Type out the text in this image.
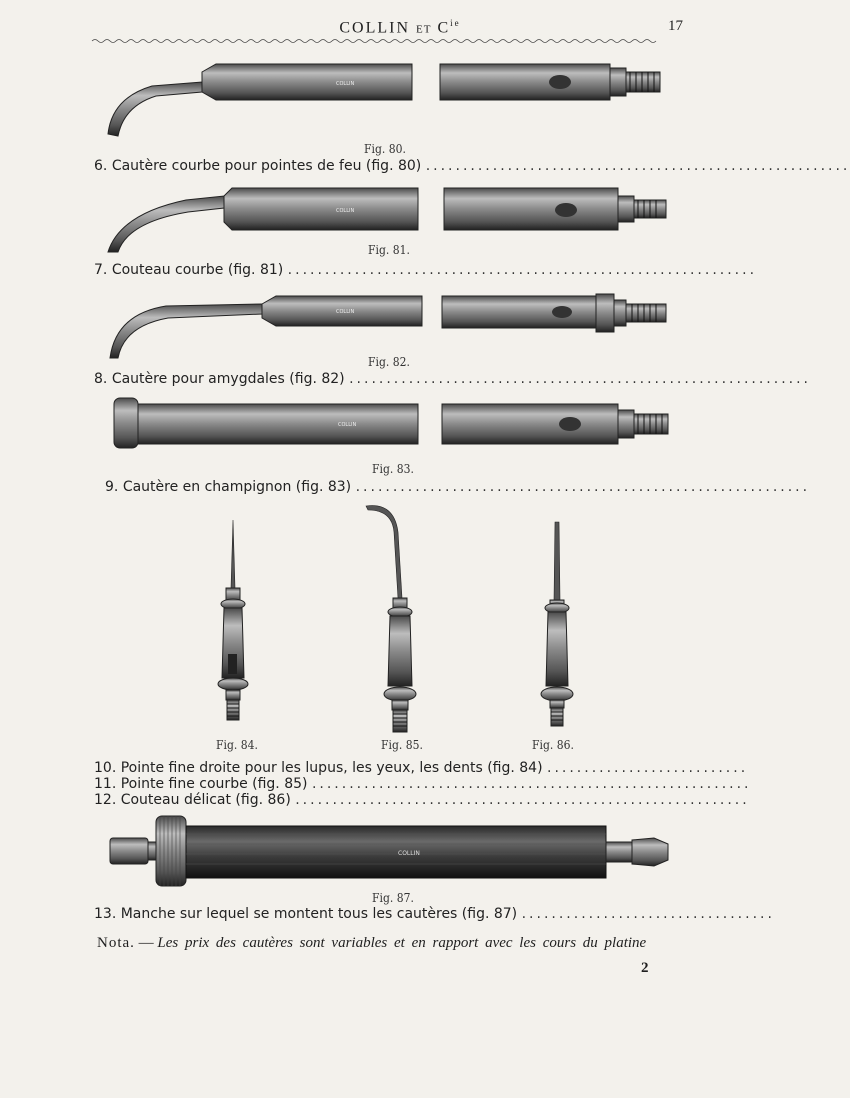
COLLIN ET $C^{ie}$	17
COLLIN
Fig. 80.
6. Cautère courbe pour pointes de feu (fig. 80) .........................................................
COLLIN
Fig. 81.
7. Couteau courbe (fig. 81) ...............................................................
COLLIN
Fig. 82.
8. Cautère pour amygdales (fig. 82) ..............................................................
COLLIN
Fig. 83.
9. Cautère en champignon (fig. 83) .............................................................
Fig. 84.	Fig. 85.	Fig. 86.
10. Pointe fine droite pour les lupus, les yeux, les dents (fig. 84) ...........................
11. Pointe fine courbe (fig. 85) ...........................................................
12. Couteau délicat (fig. 86) .............................................................
COLLIN
Fig. 87.
13. Manche sur lequel se montent tous les cautères (fig. 87) ..................................
Nota. — Les prix des cautères sont variables et en rapport avec les cours du platine
2
